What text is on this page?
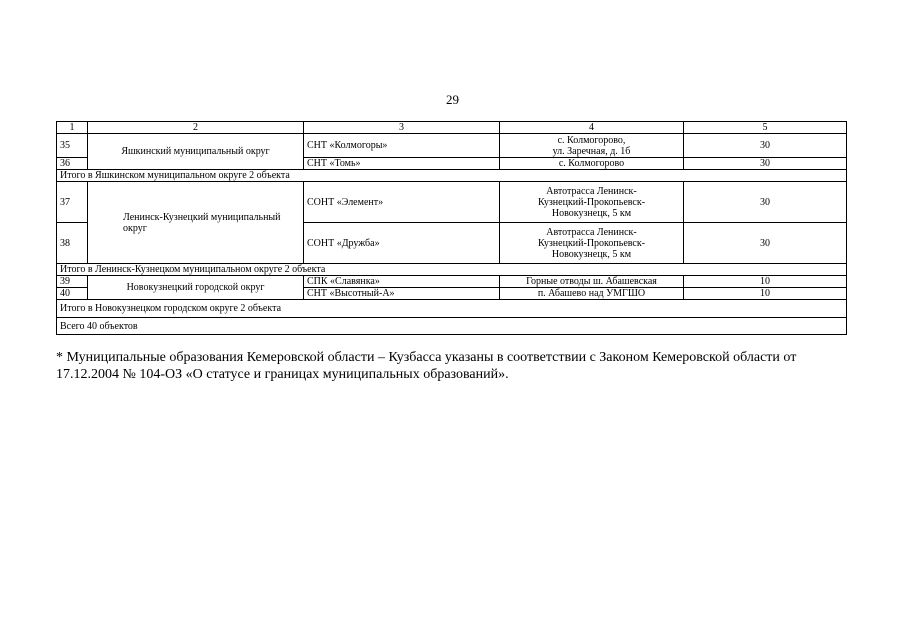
29
1	2	3	4	5
35	Яшкинский муниципальный округ	СНТ «Колмогоры»	с. Колмогорово,
ул. Заречная, д. 1б	30
36		СНТ «Томь»	с. Колмогорово	30
Итого в Яшкинском муниципальном округе 2 объекта				
37	Ленинск-Кузнецкий муниципальный округ	СОНТ «Элемент»	Автотрасса Ленинск-
Кузнецкий-Прокопьевск-
Новокузнецк, 5 км	30
38		СОНТ «Дружба»	Автотрасса Ленинск-
Кузнецкий-Прокопьевск-
Новокузнецк, 5 км	30
Итого в Ленинск-Кузнецком муниципальном округе 2 объекта				
39	Новокузнецкий городской округ	СПК «Славянка»	Горные отводы ш. Абашевская	10
40		СНТ «Высотный-А»	п. Абашево над УМГШО	10
Итого в Новокузнецком городском округе 2 объекта				
Всего 40 объектов				
* Муниципальные образования Кемеровской области – Кузбасса указаны в соответствии с Законом Кемеровской области от 17.12.2004 № 104-ОЗ «О статусе и границах муниципальных образований».
